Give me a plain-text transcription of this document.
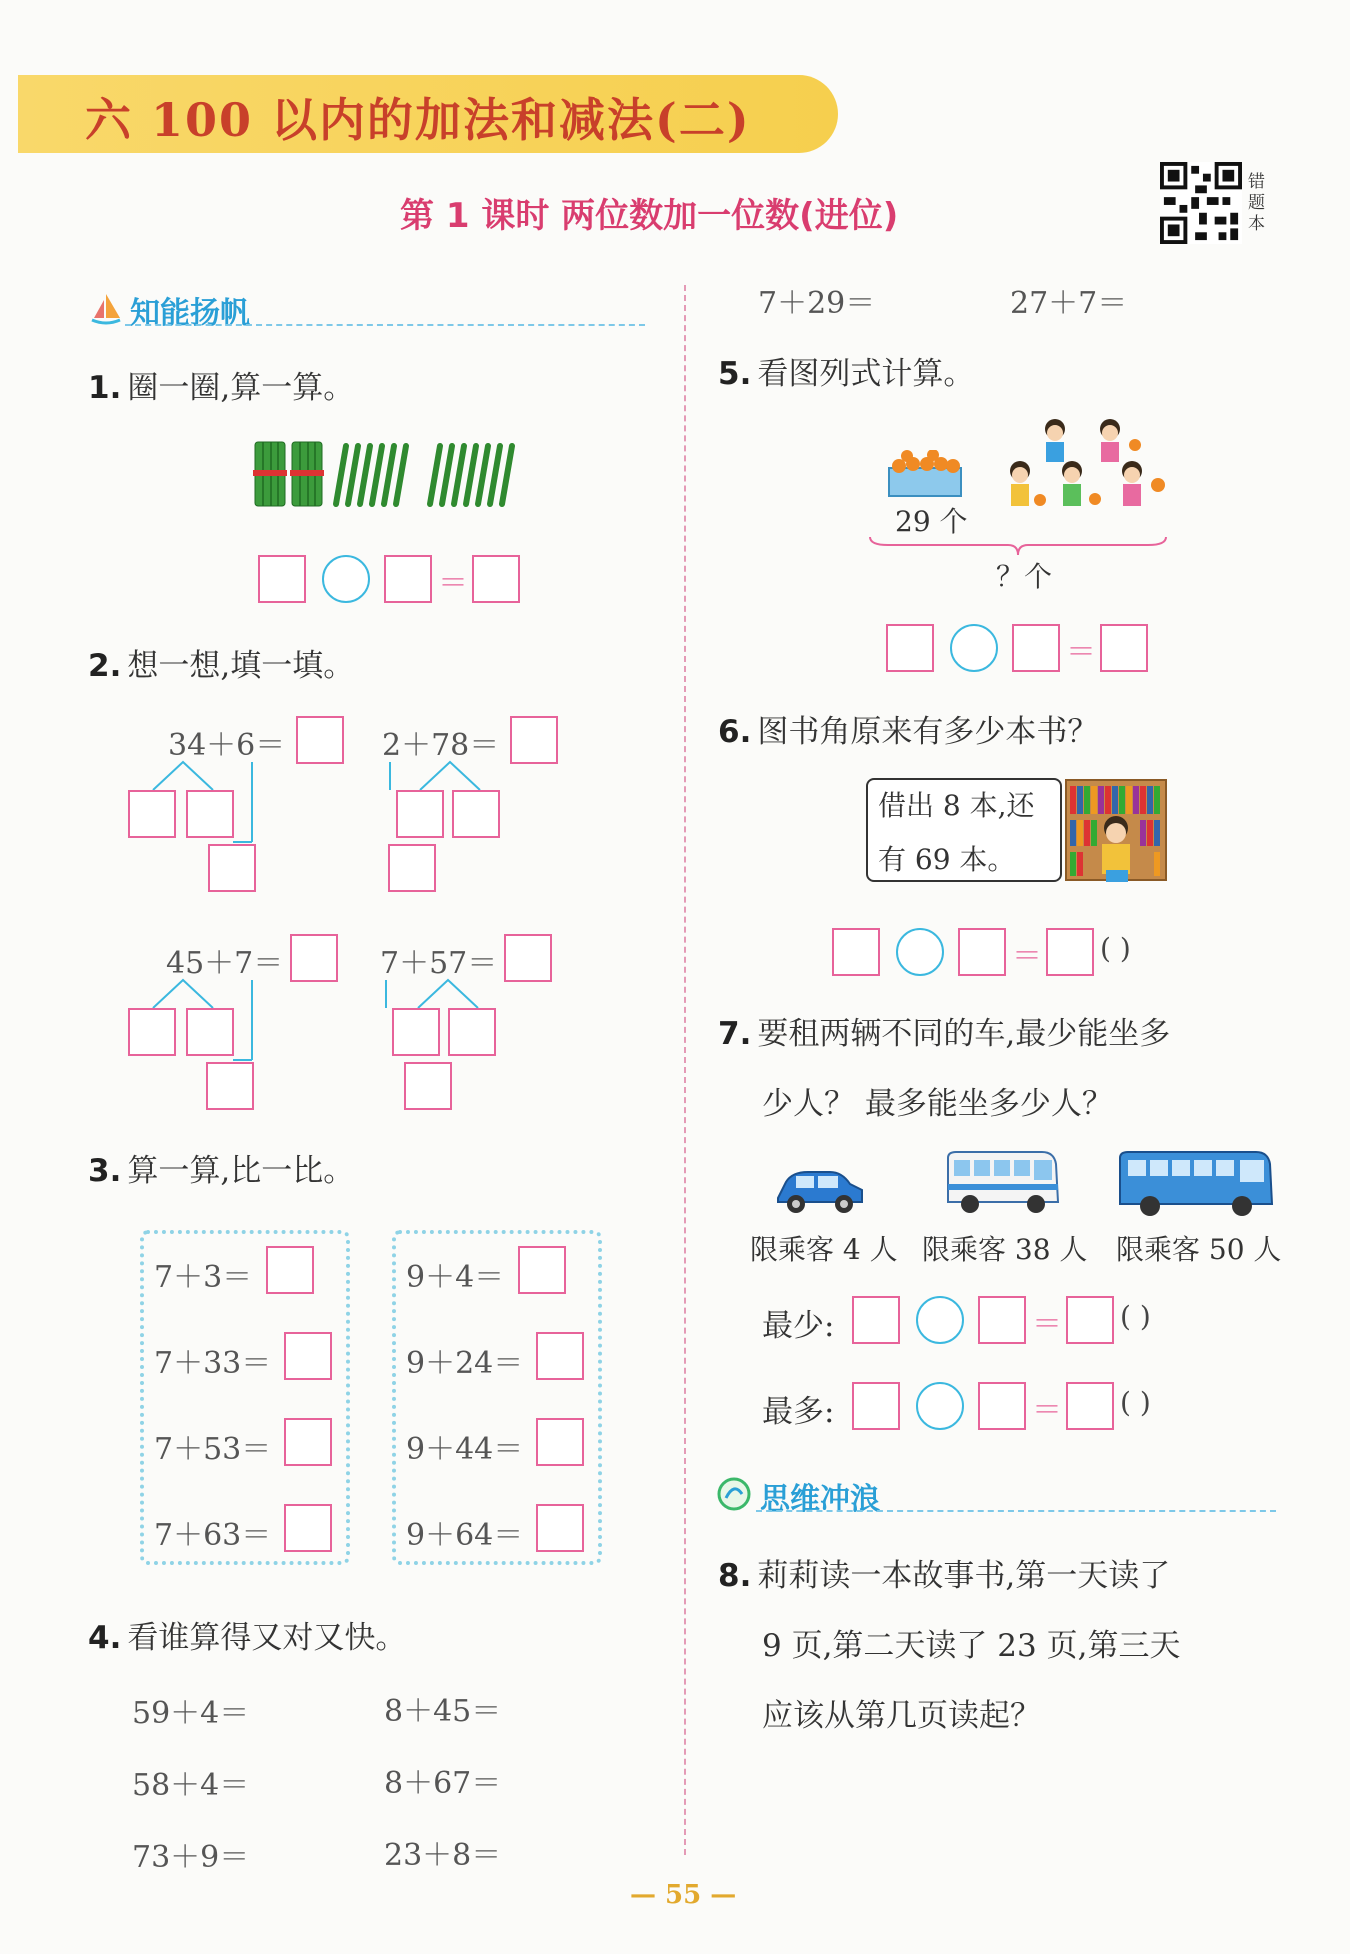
六 100 以内的加法和减法(二)
第 1 课时 两位数加一位数(进位)
错题本
知能扬帆
1. 圈一圈,算一算。
＝
2. 想一想,填一填。
34＋6＝	2＋78＝
45＋7＝	7＋57＝
3. 算一算,比一比。
7＋3＝
7＋33＝
7＋53＝
7＋63＝
9＋4＝
9＋24＝
9＋44＝
9＋64＝
4. 看谁算得又对又快。
59＋4＝	8＋45＝
58＋4＝	8＋67＝
73＋9＝	23＋8＝
7＋29＝	27＋7＝
5. 看图列式计算。
29 个
？个
＝
6. 图书角原来有多少本书？
借出 8 本,还
有 69 本。
＝ ( )
7. 要租两辆不同的车,最少能坐多
少人？ 最多能坐多少人？
限乘客 4 人 限乘客 38 人 限乘客 50 人
最少:	＝ ( )
最多:	＝ ( )
思维冲浪
8. 莉莉读一本故事书,第一天读了
9 页,第二天读了 23 页,第三天
应该从第几页读起？
— 55 —
